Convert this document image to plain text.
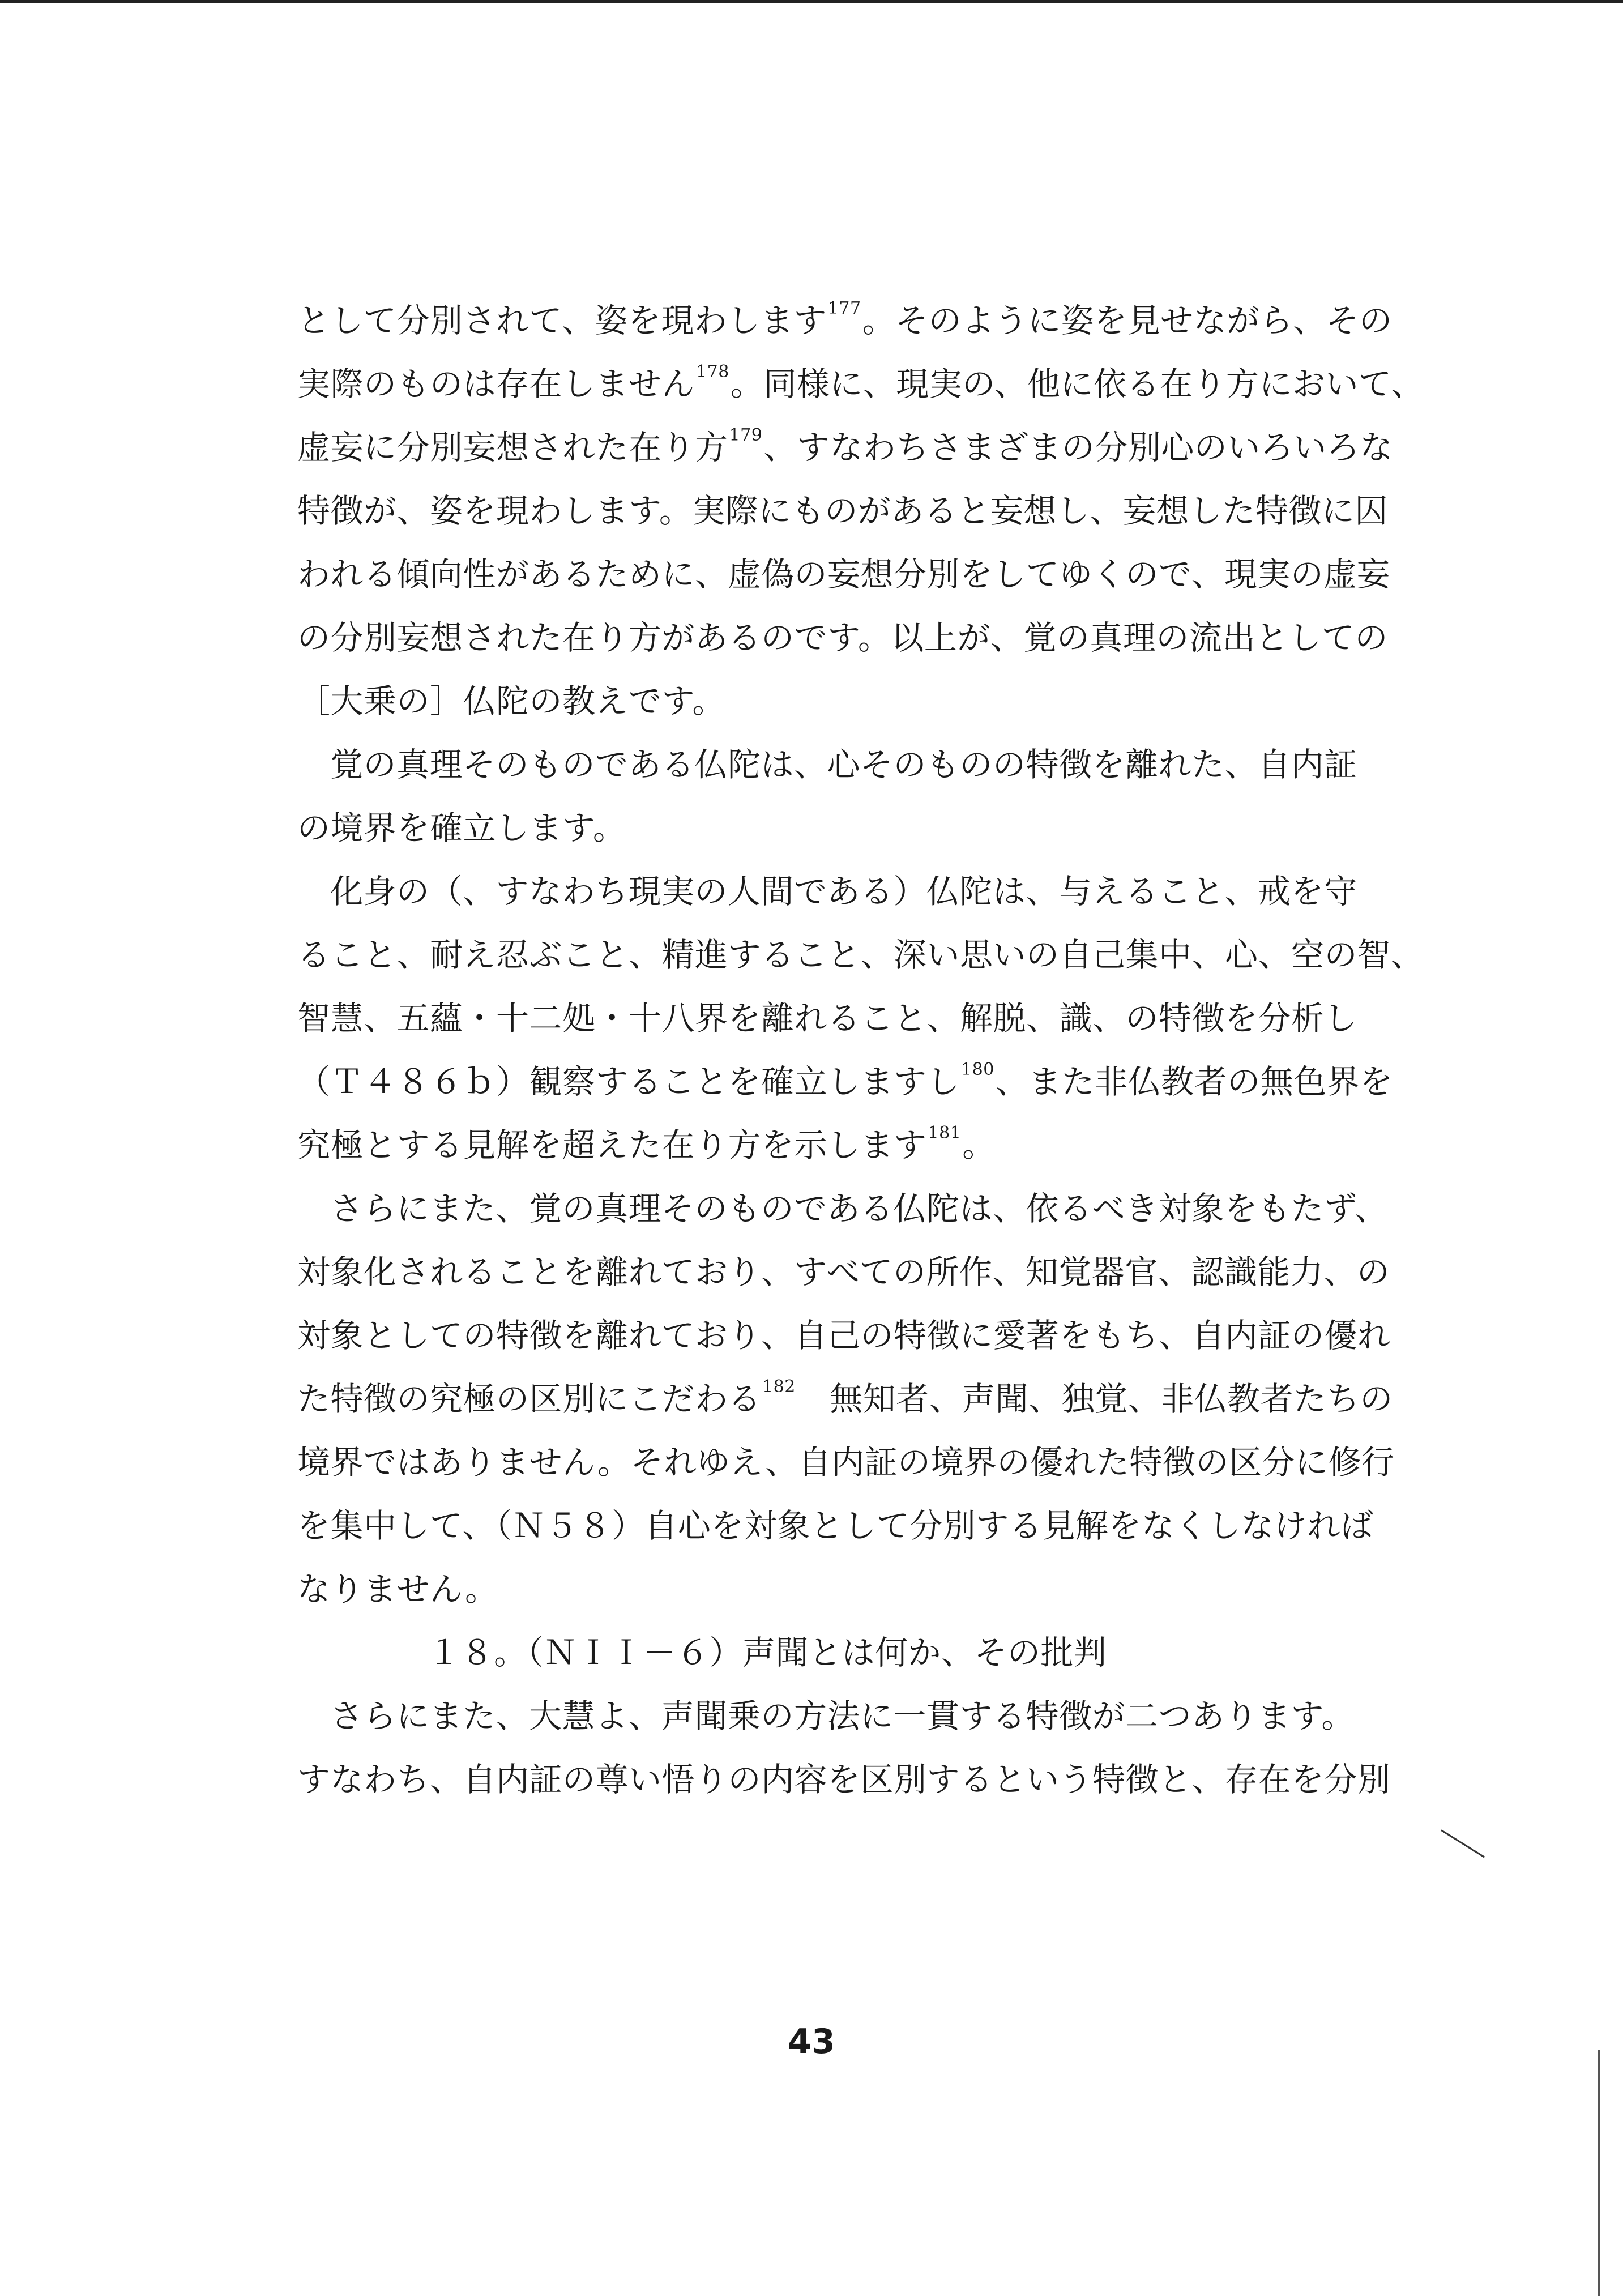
として分別されて、姿を現わします$^{177}$。そのように姿を見せながら、その
実際のものは存在しません$^{178}$。同様に、現実の、他に依る在り方において、
虚妄に分別妄想された在り方$^{179}$、すなわちさまざまの分別心のいろいろな
特徴が、姿を現わします。実際にものがあると妄想し、妄想した特徴に囚
われる傾向性があるために、虚偽の妄想分別をしてゆくので、現実の虚妄
の分別妄想された在り方があるのです。以上が、覚の真理の流出としての
［大乗の］仏陀の教えです。
覚の真理そのものである仏陀は、心そのものの特徴を離れた、自内証
の境界を確立します。
化身の（、すなわち現実の人間である）仏陀は、与えること、戒を守
ること、耐え忍ぶこと、精進すること、深い思いの自己集中、心、空の智、
智慧、五蘊・十二処・十八界を離れること、解脱、識、の特徴を分析し
（Ｔ４８６ｂ）観察することを確立しますし$^{180}$、また非仏教者の無色界を
究極とする見解を超えた在り方を示します$^{181}$。
さらにまた、覚の真理そのものである仏陀は、依るべき対象をもたず、
対象化されることを離れており、すべての所作、知覚器官、認識能力、の
対象としての特徴を離れており、自己の特徴に愛著をもち、自内証の優れ
た特徴の究極の区別にこだわる$^{182}$　無知者、声聞、独覚、非仏教者たちの
境界ではありません。それゆえ、自内証の境界の優れた特徴の区分に修行
を集中して、（Ｎ５８）自心を対象として分別する見解をなくしなければ
なりません。
１８。（ＮＩＩ－６）声聞とは何か、その批判
さらにまた、大慧よ、声聞乗の方法に一貫する特徴が二つあります。
すなわち、自内証の尊い悟りの内容を区別するという特徴と、存在を分別
43
